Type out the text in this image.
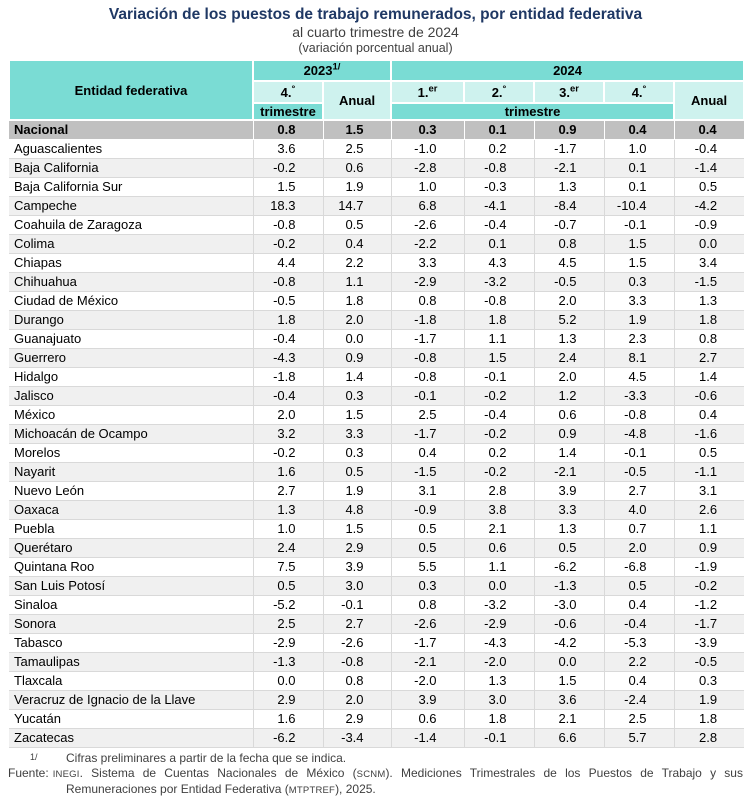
Variación de los puestos de trabajo remunerados, por entidad federativa
al cuarto trimestre de 2024
(variación porcentual anual)
Entidad federativa	$2023^{1/}$		2024				
	4.°	Anual	1.$^{er}$	2.°	3.$^{er}$	4.°	Anual
	trimestre		trimestre				
Nacional	0.8	1.5	0.3	0.1	0.9	0.4	0.4
Aguascalientes	3.6	2.5	-1.0	0.2	-1.7	1.0	-0.4
Baja California	-0.2	0.6	-2.8	-0.8	-2.1	0.1	-1.4
Baja California Sur	1.5	1.9	1.0	-0.3	1.3	0.1	0.5
Campeche	18.3	14.7	6.8	-4.1	-8.4	-10.4	-4.2
Coahuila de Zaragoza	-0.8	0.5	-2.6	-0.4	-0.7	-0.1	-0.9
Colima	-0.2	0.4	-2.2	0.1	0.8	1.5	0.0
Chiapas	4.4	2.2	3.3	4.3	4.5	1.5	3.4
Chihuahua	-0.8	1.1	-2.9	-3.2	-0.5	0.3	-1.5
Ciudad de México	-0.5	1.8	0.8	-0.8	2.0	3.3	1.3
Durango	1.8	2.0	-1.8	1.8	5.2	1.9	1.8
Guanajuato	-0.4	0.0	-1.7	1.1	1.3	2.3	0.8
Guerrero	-4.3	0.9	-0.8	1.5	2.4	8.1	2.7
Hidalgo	-1.8	1.4	-0.8	-0.1	2.0	4.5	1.4
Jalisco	-0.4	0.3	-0.1	-0.2	1.2	-3.3	-0.6
México	2.0	1.5	2.5	-0.4	0.6	-0.8	0.4
Michoacán de Ocampo	3.2	3.3	-1.7	-0.2	0.9	-4.8	-1.6
Morelos	-0.2	0.3	0.4	0.2	1.4	-0.1	0.5
Nayarit	1.6	0.5	-1.5	-0.2	-2.1	-0.5	-1.1
Nuevo León	2.7	1.9	3.1	2.8	3.9	2.7	3.1
Oaxaca	1.3	4.8	-0.9	3.8	3.3	4.0	2.6
Puebla	1.0	1.5	0.5	2.1	1.3	0.7	1.1
Querétaro	2.4	2.9	0.5	0.6	0.5	2.0	0.9
Quintana Roo	7.5	3.9	5.5	1.1	-6.2	-6.8	-1.9
San Luis Potosí	0.5	3.0	0.3	0.0	-1.3	0.5	-0.2
Sinaloa	-5.2	-0.1	0.8	-3.2	-3.0	0.4	-1.2
Sonora	2.5	2.7	-2.6	-2.9	-0.6	-0.4	-1.7
Tabasco	-2.9	-2.6	-1.7	-4.3	-4.2	-5.3	-3.9
Tamaulipas	-1.3	-0.8	-2.1	-2.0	0.0	2.2	-0.5
Tlaxcala	0.0	0.8	-2.0	1.3	1.5	0.4	0.3
Veracruz de Ignacio de la Llave	2.9	2.0	3.9	3.0	3.6	-2.4	1.9
Yucatán	1.6	2.9	0.6	1.8	2.1	2.5	1.8
Zacatecas	-6.2	-3.4	-1.4	-0.1	6.6	5.7	2.8
1/ Cifras preliminares a partir de la fecha que se indica.

Fuente: INEGI. Sistema de Cuentas Nacionales de México (SCNM). Mediciones Trimestrales de los Puestos de Trabajo y sus Remuneraciones por Entidad Federativa (MTPTREF), 2025.
